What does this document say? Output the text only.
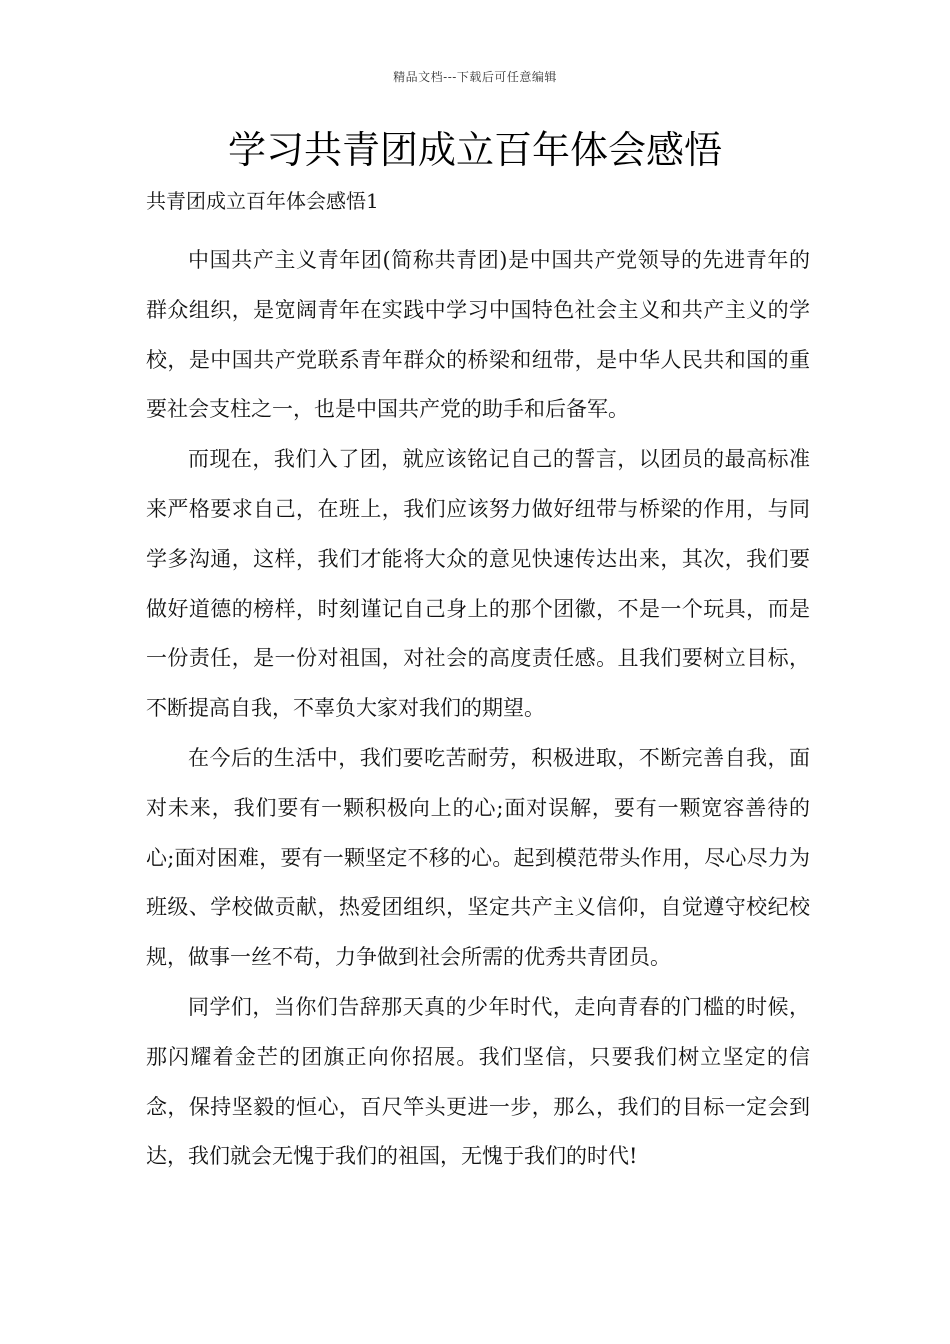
精品文档---下载后可任意编辑
学习共青团成立百年体会感悟
共青团成立百年体会感悟1

中国共产主义青年团(简称共青团)是中国共产党领导的先进青年的群众组织，是宽阔青年在实践中学习中国特色社会主义和共产主义的学校，是中国共产党联系青年群众的桥梁和纽带，是中华人民共和国的重要社会支柱之一，也是中国共产党的助手和后备军。

而现在，我们入了团，就应该铭记自己的誓言，以团员的最高标准来严格要求自己，在班上，我们应该努力做好纽带与桥梁的作用，与同学多沟通，这样，我们才能将大众的意见快速传达出来，其次，我们要做好道德的榜样，时刻谨记自己身上的那个团徽，不是一个玩具，而是一份责任，是一份对祖国，对社会的高度责任感。且我们要树立目标，不断提高自我，不辜负大家对我们的期望。

在今后的生活中，我们要吃苦耐劳，积极进取，不断完善自我，面对未来，我们要有一颗积极向上的心;面对误解，要有一颗宽容善待的心;面对困难，要有一颗坚定不移的心。起到模范带头作用，尽心尽力为班级、学校做贡献，热爱团组织，坚定共产主义信仰，自觉遵守校纪校规，做事一丝不苟，力争做到社会所需的优秀共青团员。

同学们，当你们告辞那天真的少年时代，走向青春的门槛的时候，那闪耀着金芒的团旗正向你招展。我们坚信，只要我们树立坚定的信念，保持坚毅的恒心，百尺竿头更进一步，那么，我们的目标一定会到达，我们就会无愧于我们的祖国，无愧于我们的时代!
